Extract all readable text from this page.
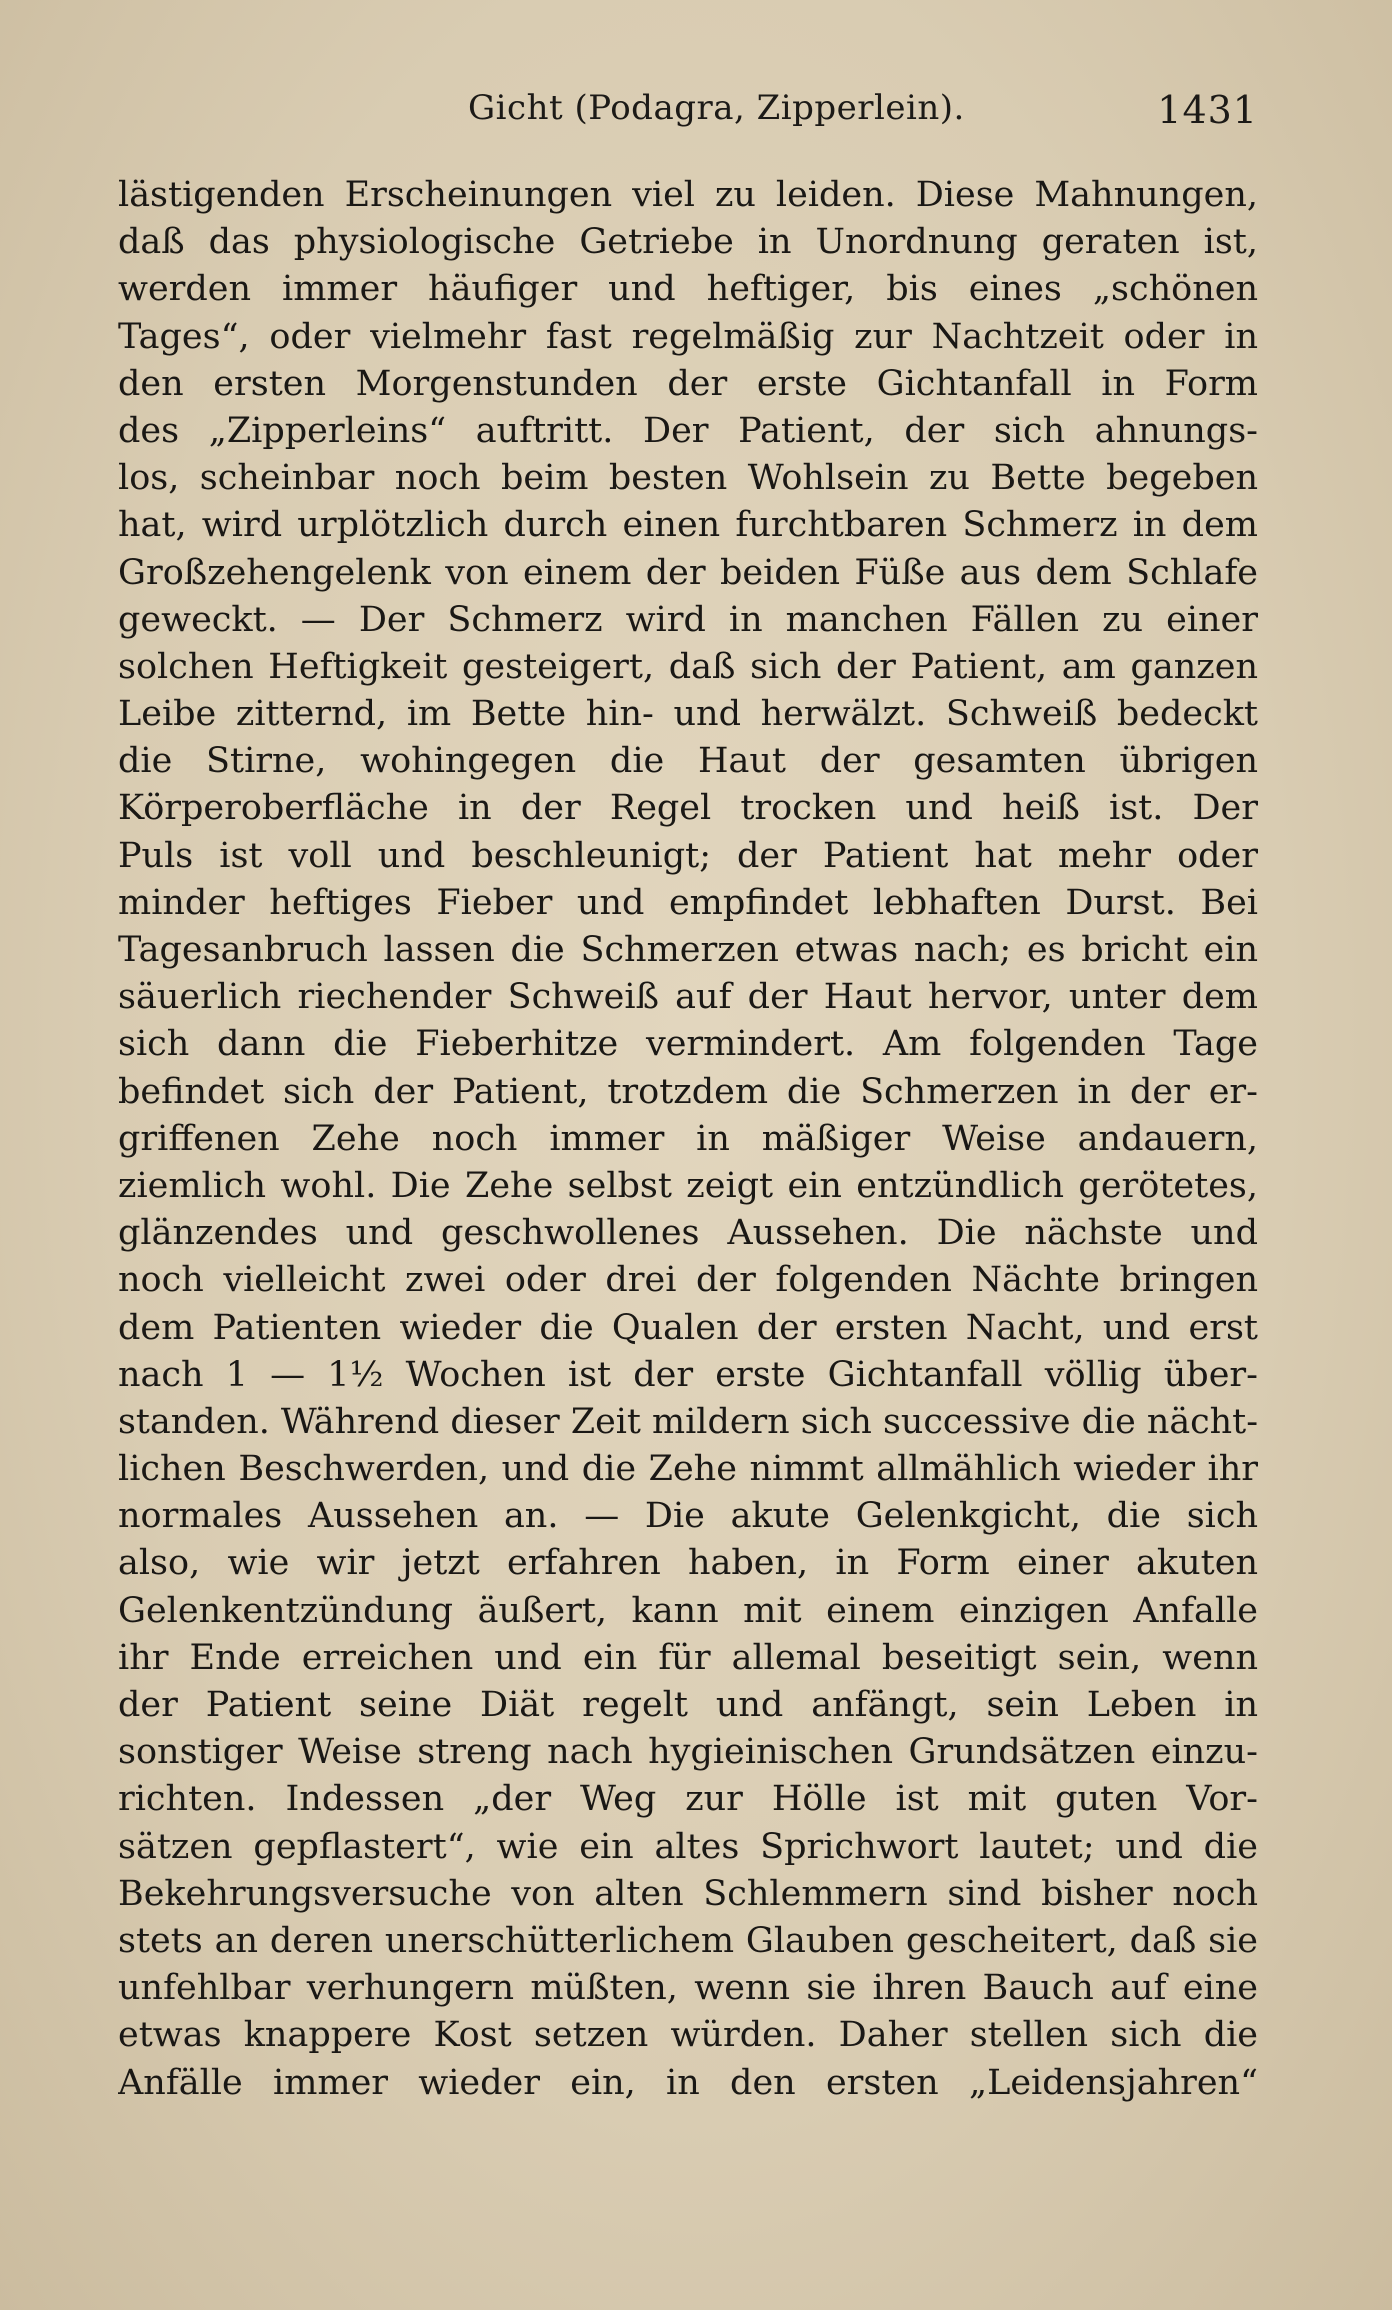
Gicht (Podagra, Zipperlein).	1431
lästigenden Erscheinungen viel zu leiden. Diese Mahnungen,
daß das physiologische Getriebe in Unordnung geraten ist,
werden immer häufiger und heftiger, bis eines „schönen
Tages“, oder vielmehr fast regelmäßig zur Nachtzeit oder in
den ersten Morgenstunden der erste Gichtanfall in Form
des „Zipperleins“ auftritt. Der Patient, der sich ahnungs-
los, scheinbar noch beim besten Wohlsein zu Bette begeben
hat, wird urplötzlich durch einen furchtbaren Schmerz in dem
Großzehengelenk von einem der beiden Füße aus dem Schlafe
geweckt. — Der Schmerz wird in manchen Fällen zu einer
solchen Heftigkeit gesteigert, daß sich der Patient, am ganzen
Leibe zitternd, im Bette hin- und herwälzt. Schweiß bedeckt
die Stirne, wohingegen die Haut der gesamten übrigen
Körperoberfläche in der Regel trocken und heiß ist. Der
Puls ist voll und beschleunigt; der Patient hat mehr oder
minder heftiges Fieber und empfindet lebhaften Durst. Bei
Tagesanbruch lassen die Schmerzen etwas nach; es bricht ein
säuerlich riechender Schweiß auf der Haut hervor, unter dem
sich dann die Fieberhitze vermindert. Am folgenden Tage
befindet sich der Patient, trotzdem die Schmerzen in der er-
griffenen Zehe noch immer in mäßiger Weise andauern,
ziemlich wohl. Die Zehe selbst zeigt ein entzündlich gerötetes,
glänzendes und geschwollenes Aussehen. Die nächste und
noch vielleicht zwei oder drei der folgenden Nächte bringen
dem Patienten wieder die Qualen der ersten Nacht, und erst
nach 1 — 1½ Wochen ist der erste Gichtanfall völlig über-
standen. Während dieser Zeit mildern sich successive die nächt-
lichen Beschwerden, und die Zehe nimmt allmählich wieder ihr
normales Aussehen an. — Die akute Gelenkgicht, die sich
also, wie wir jetzt erfahren haben, in Form einer akuten
Gelenkentzündung äußert, kann mit einem einzigen Anfalle
ihr Ende erreichen und ein für allemal beseitigt sein, wenn
der Patient seine Diät regelt und anfängt, sein Leben in
sonstiger Weise streng nach hygieinischen Grundsätzen einzu-
richten. Indessen „der Weg zur Hölle ist mit guten Vor-
sätzen gepflastert“, wie ein altes Sprichwort lautet; und die
Bekehrungsversuche von alten Schlemmern sind bisher noch
stets an deren unerschütterlichem Glauben gescheitert, daß sie
unfehlbar verhungern müßten, wenn sie ihren Bauch auf eine
etwas knappere Kost setzen würden. Daher stellen sich die
Anfälle immer wieder ein, in den ersten „Leidensjahren“
